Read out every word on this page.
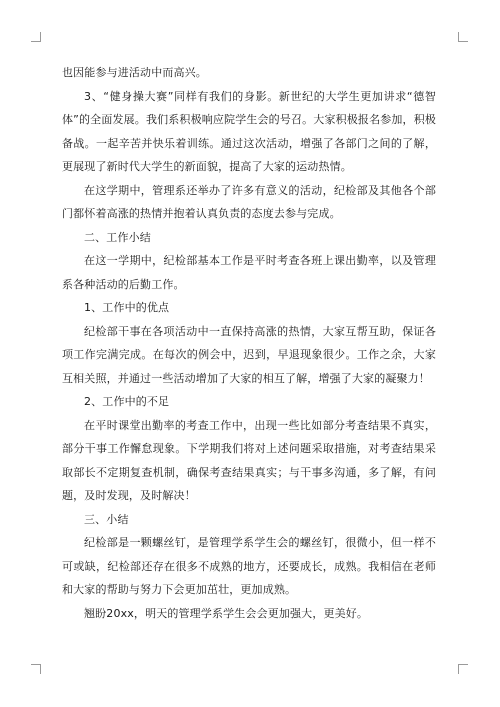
也因能参与进活动中而高兴。

3、“健身操大赛”同样有我们的身影。新世纪的大学生更加讲求“德智体”的全面发展。我们系积极响应院学生会的号召。大家积极报名参加，积极备战。一起辛苦并快乐着训练。通过这次活动，增强了各部门之间的了解，更展现了新时代大学生的新面貌，提高了大家的运动热情。

在这学期中，管理系还举办了许多有意义的活动，纪检部及其他各个部门都怀着高涨的热情并抱着认真负责的态度去参与完成。

二、工作小结

在这一学期中，纪检部基本工作是平时考查各班上课出勤率，以及管理系各种活动的后勤工作。

1、工作中的优点

纪检部干事在各项活动中一直保持高涨的热情，大家互帮互助，保证各项工作完满完成。在每次的例会中，迟到，早退现象很少。工作之余，大家互相关照，并通过一些活动增加了大家的相互了解，增强了大家的凝聚力！

2、工作中的不足

在平时课堂出勤率的考查工作中，出现一些比如部分考查结果不真实，部分干事工作懈怠现象。下学期我们将对上述问题采取措施，对考查结果采取部长不定期复查机制，确保考查结果真实；与干事多沟通，多了解，有问题，及时发现，及时解决！

三、小结

纪检部是一颗螺丝钉，是管理学系学生会的螺丝钉，很微小，但一样不可或缺，纪检部还存在很多不成熟的地方，还要成长，成熟。我相信在老师和大家的帮助与努力下会更加茁壮，更加成熟。

翘盼20xx，明天的管理学系学生会会更加强大，更美好。
